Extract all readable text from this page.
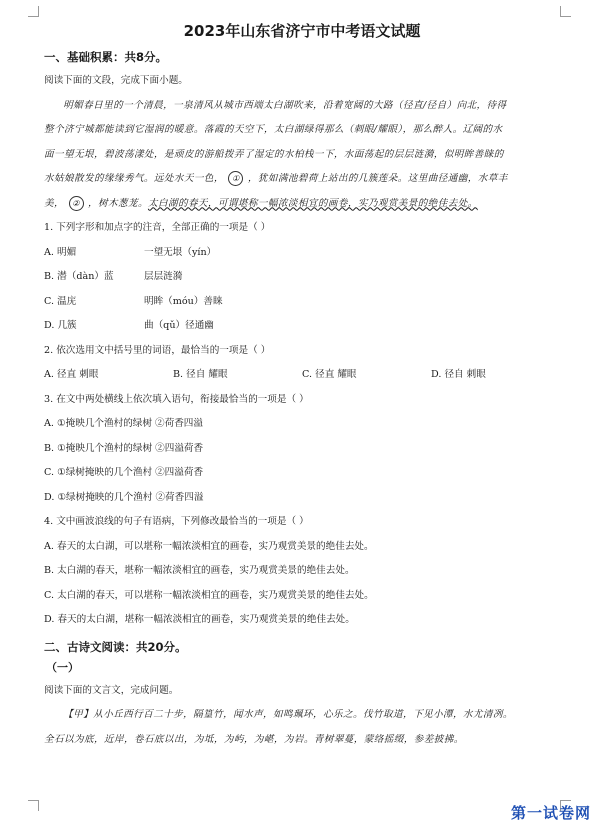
2023年山东省济宁市中考语文试题
一、基础积累：共8分。

阅读下面的文段，完成下面小题。

明媚春日里的一个清晨，一泉清风从城市西端太白湖吹来，沿着宽阔的大路（径直/径自）向北，待得

整个济宁城都能读到它湿润的暖意。落霞的天空下，太白湖绿得那么（刺眼/耀眼），那么醉人。辽阔的水

面一望无垠，碧波荡漾处，是顽皮的游船拨弄了湿定的水柏栈一下，水面荡起的层层涟漪，似明眸善睐的

水姑娘散发的缘缘秀气。远处水天一色， ① ，犹如满池碧荷上站出的几簇莲朵。这里曲径通幽，水草丰

美， ② ，树木葱茏。太白湖的春天，可谓堪称一幅浓淡相宜的画卷，实乃观赏美景的绝佳去处。

1. 下列字形和加点字的注音，全部正确的一项是（ ）

A. 明媚	一望无垠（yín）
B. 潜（dàn）蓝	层层涟漪
C. 温庑	明眸（móu）善睐
D. 几簇	曲（qǔ）径通幽

2. 依次选用文中括号里的词语，最恰当的一项是（ ）

A. 径直 刺眼	B. 径自 耀眼	C. 径直 耀眼	D. 径自 刺眼

3. 在文中两处横线上依次填入语句，衔接最恰当的一项是（ ）

A. ①掩映几个渔村的绿树 ②荷香四溢

B. ①掩映几个渔村的绿树 ②四溢荷香

C. ①绿树掩映的几个渔村 ②四溢荷香

D. ①绿树掩映的几个渔村 ②荷香四溢

4. 文中画波浪线的句子有语病，下列修改最恰当的一项是（ ）

A. 春天的太白湖，可以堪称一幅浓淡相宜的画卷，实乃观赏美景的绝佳去处。

B. 太白湖的春天，堪称一幅浓淡相宜的画卷，实乃观赏美景的绝佳去处。

C. 太白湖的春天，可以堪称一幅浓淡相宜的画卷，实乃观赏美景的绝佳去处。

D. 春天的太白湖，堪称一幅浓淡相宜的画卷，实乃观赏美景的绝佳去处。

二、古诗文阅读：共20分。
（一）

阅读下面的文言文，完成问题。

【甲】从小丘西行百二十步，隔篁竹，闻水声，如鸣珮环，心乐之。伐竹取道，下见小潭，水尤清冽。

全石以为底，近岸，卷石底以出，为坻，为屿，为嵁，为岩。青树翠蔓，蒙络摇缀，参差披拂。

第一试卷网
